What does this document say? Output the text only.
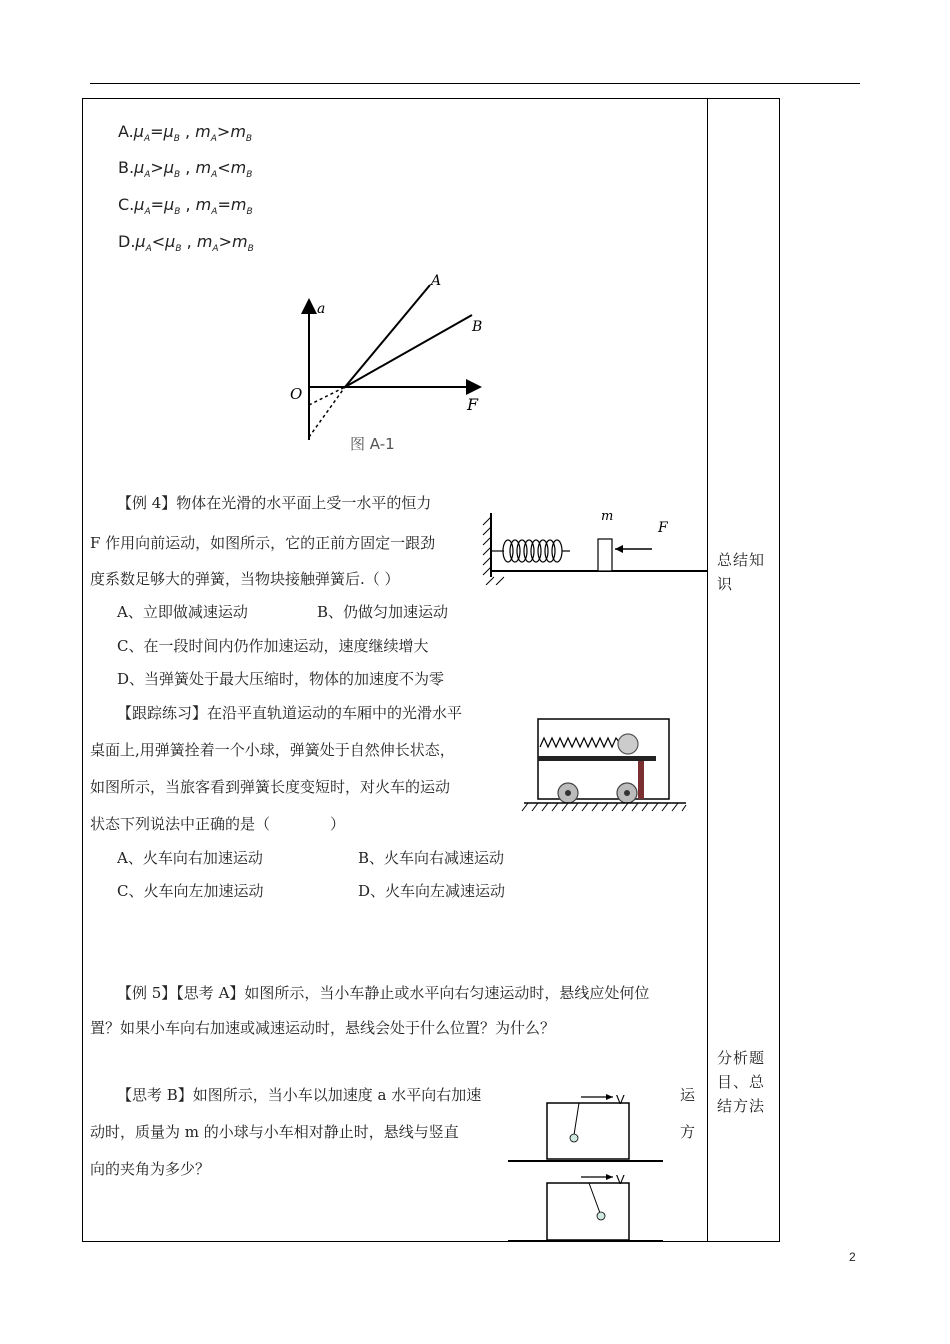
$A.\mu_A=\mu_B$ , $m_A>m_B$
$B.\mu_A>\mu_B$ , $m_A<m_B$
$C.\mu_A=\mu_B$ , $m_A=m_B$
$D.\mu_A<\mu_B$ , $m_A>m_B$
a
O
F
A
B
图 A-1
【例 4】物体在光滑的水平面上受一水平的恒力
F 作用向前运动，如图所示，它的正前方固定一跟劲
度系数足够大的弹簧，当物块接触弹簧后.（ ）
A、立即做减速运动	B、仍做匀加速运动
C、在一段时间内仍作加速运动，速度继续增大
D、当弹簧处于最大压缩时，物体的加速度不为零
m
F
【跟踪练习】在沿平直轨道运动的车厢中的光滑水平
桌面上,用弹簧拴着一个小球，弹簧处于自然伸长状态，
如图所示，当旅客看到弹簧长度变短时，对火车的运动
状态下列说法中正确的是（　　　　）
A、火车向右加速运动	B、火车向右减速运动
C、火车向左加速运动	D、火车向左减速运动
【例 5】【思考 A】如图所示，当小车静止或水平向右匀速运动时，悬线应处何位
置？如果小车向右加速或减速运动时，悬线会处于什么位置？为什么？
【思考 B】如图所示，当小车以加速度 a 水平向右加速
动时，质量为 m 的小球与小车相对静止时，悬线与竖直
向的夹角为多少？
运
方
V
V
总结知识
分析题目、总结方法
2
